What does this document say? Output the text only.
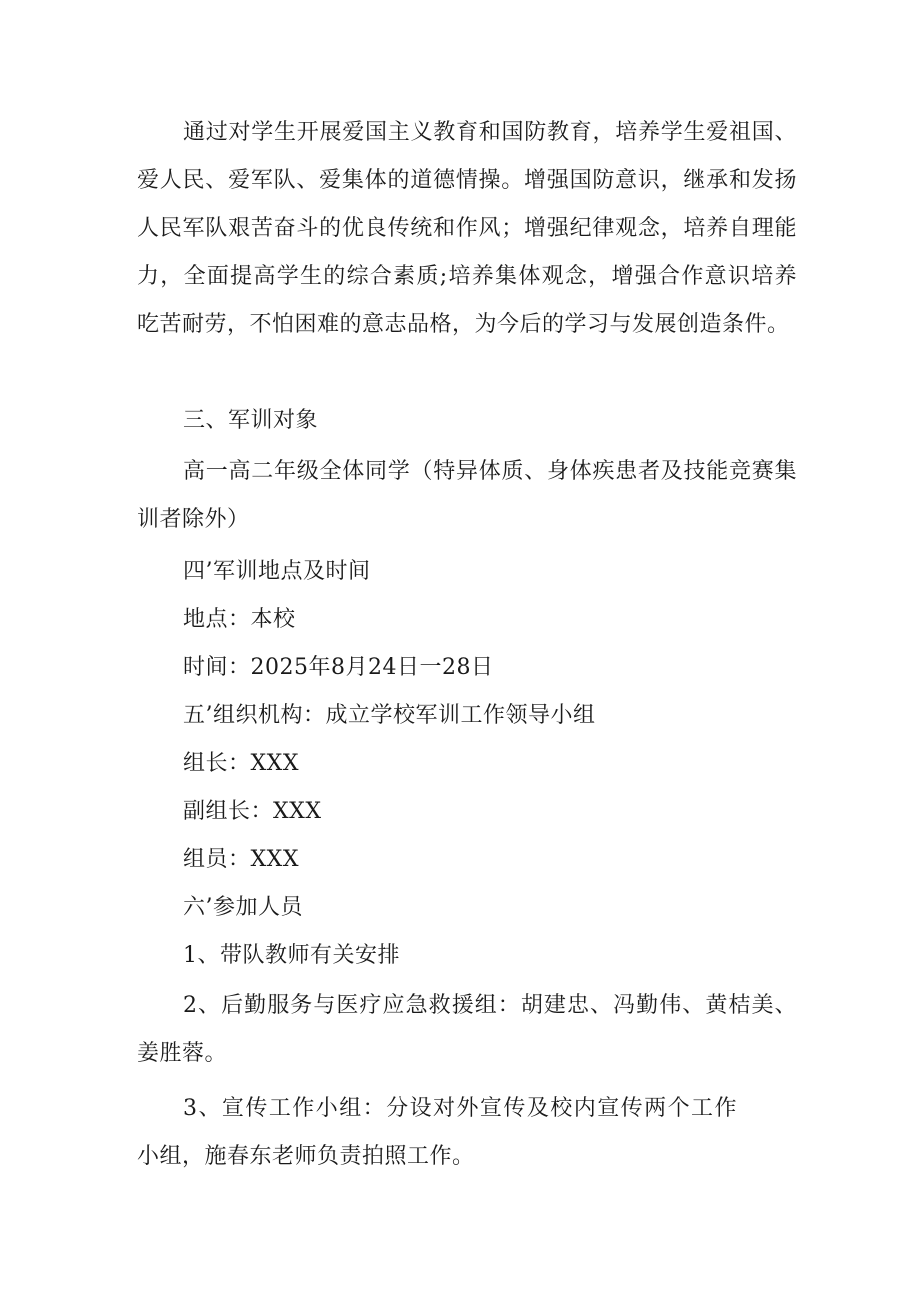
通过对学生开展爱国主义教育和国防教育，培养学生爱祖国、爱人民、爱军队、爱集体的道德情操。增强国防意识，继承和发扬人民军队艰苦奋斗的优良传统和作风；增强纪律观念，培养自理能力，全面提高学生的综合素质;培养集体观念，增强合作意识培养吃苦耐劳，不怕困难的意志品格，为今后的学习与发展创造条件。

三、军训对象

高一高二年级全体同学（特异体质、身体疾患者及技能竞赛集训者除外）

四’军训地点及时间

地点：本校

时间：2025年8月24日一28日

五’组织机构：成立学校军训工作领导小组

组长：XXX

副组长：XXX

组员：XXX

六’参加人员

1、带队教师有关安排

2、后勤服务与医疗应急救援组：胡建忠、冯勤伟、黄桔美、姜胜蓉。

3、宣传工作小组：分设对外宣传及校内宣传两个工作小组，施春东老师负责拍照工作。
